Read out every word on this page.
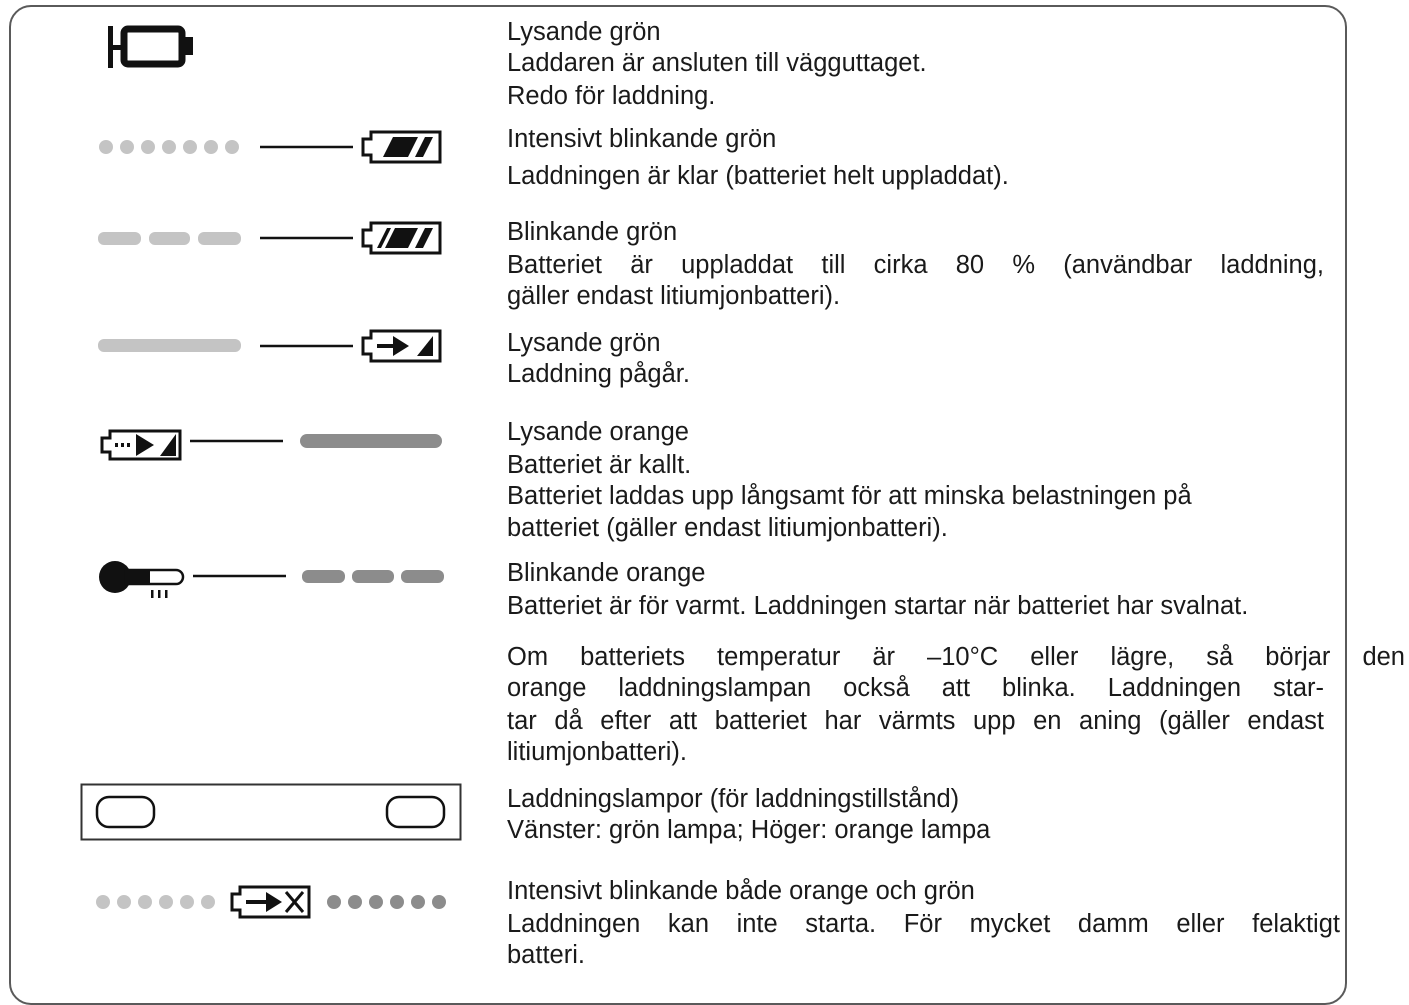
Lysande grön
Laddaren är ansluten till vägguttaget.
Redo för laddning.
Intensivt blinkande grön
Laddningen är klar (batteriet helt uppladdat).
Blinkande grön
Batteriet är uppladdat till cirka 80 % (användbar laddning,
gäller endast litiumjonbatteri).
Lysande grön
Laddning pågår.
Lysande orange
Batteriet är kallt.
Batteriet laddas upp långsamt för att minska belastningen på
batteriet (gäller endast litiumjonbatteri).
Blinkande orange
Batteriet är för varmt. Laddningen startar när batteriet har svalnat.
Om batteriets temperatur är –10°C eller lägre, så börjar den
orange laddningslampan också att blinka. Laddningen star-
tar då efter att batteriet har värmts upp en aning (gäller endast
litiumjonbatteri).
Laddningslampor (för laddningstillstånd)
Vänster: grön lampa; Höger: orange lampa
Intensivt blinkande både orange och grön
Laddningen kan inte starta. För mycket damm eller felaktigt
batteri.
